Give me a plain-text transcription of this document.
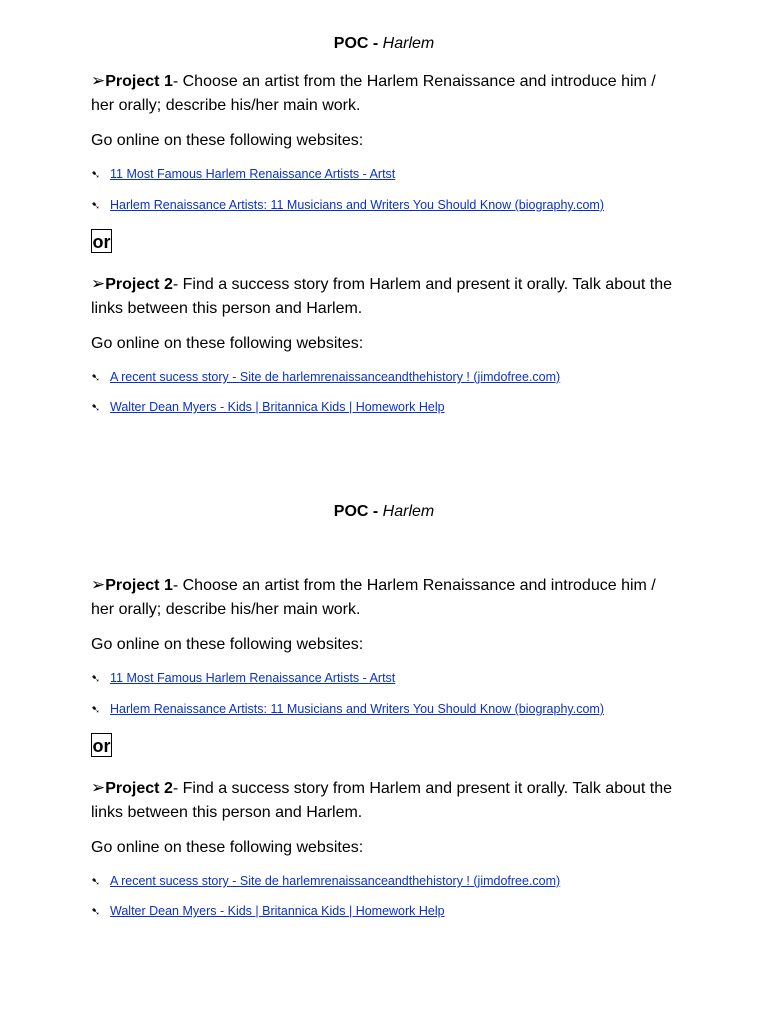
POC - Harlem

➢Project 1- Choose an artist from the Harlem Renaissance and introduce him / her orally; describe his/her main work.

Go online on these following websites:

➷ 11 Most Famous Harlem Renaissance Artists - Artst
➷ Harlem Renaissance Artists: 11 Musicians and Writers You Should Know (biography.com)
or

➢Project 2- Find a success story from Harlem and present it orally. Talk about the links between this person and Harlem.

Go online on these following websites:

➷ A recent sucess story - Site de harlemrenaissanceandthehistory ! (jimdofree.com)
➷ Walter Dean Myers - Kids | Britannica Kids | Homework Help
POC - Harlem

➢Project 1- Choose an artist from the Harlem Renaissance and introduce him / her orally; describe his/her main work.

Go online on these following websites:

➷ 11 Most Famous Harlem Renaissance Artists - Artst
➷ Harlem Renaissance Artists: 11 Musicians and Writers You Should Know (biography.com)
or

➢Project 2- Find a success story from Harlem and present it orally. Talk about the links between this person and Harlem.

Go online on these following websites:

➷ A recent sucess story - Site de harlemrenaissanceandthehistory ! (jimdofree.com)
➷ Walter Dean Myers - Kids | Britannica Kids | Homework Help
